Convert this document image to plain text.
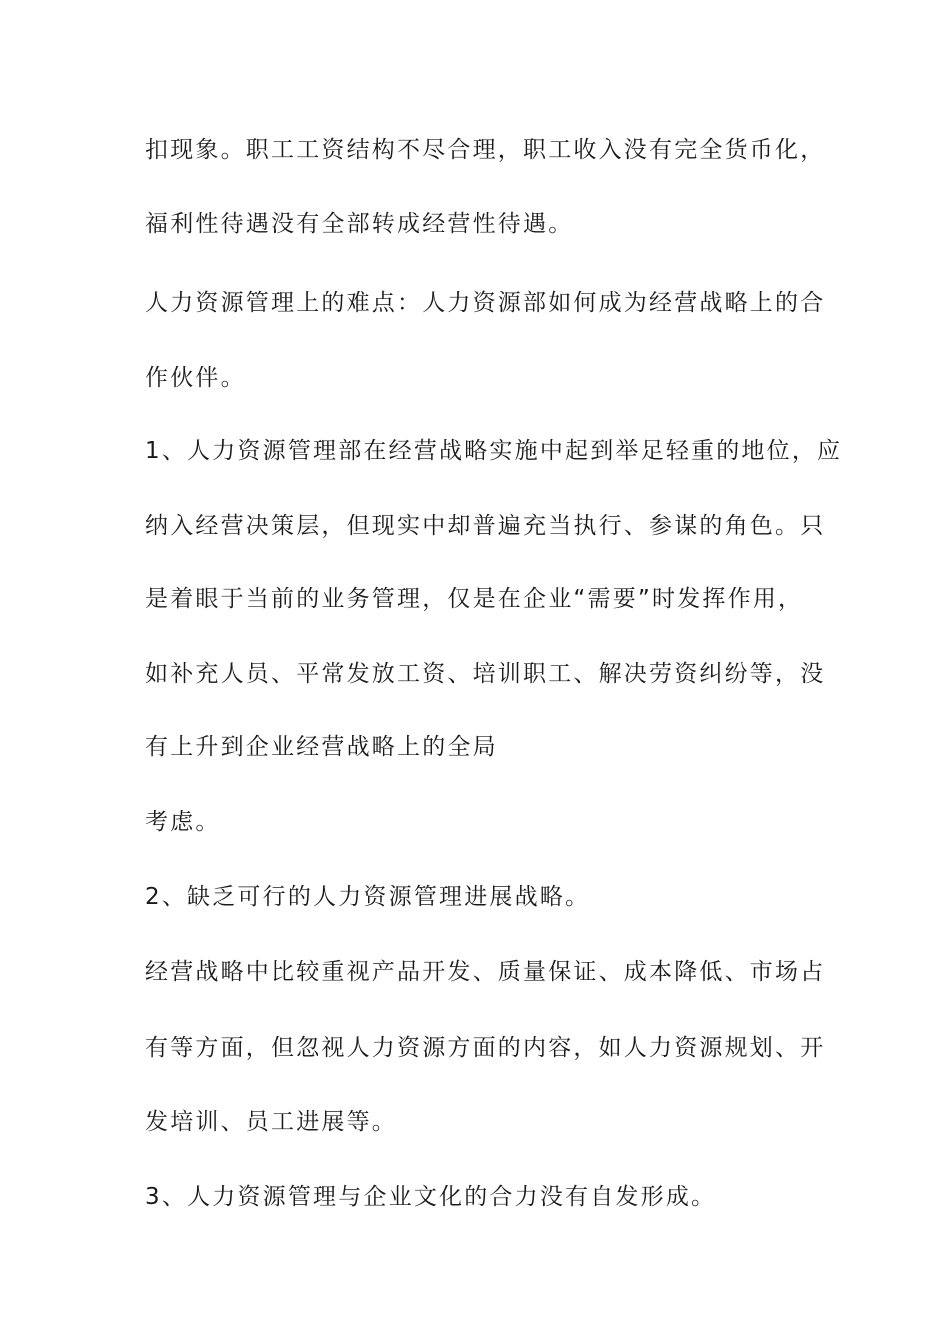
扣现象。职工工资结构不尽合理，职工收入没有完全货币化，
福利性待遇没有全部转成经营性待遇。
人力资源管理上的难点：人力资源部如何成为经营战略上的合
作伙伴。
1、人力资源管理部在经营战略实施中起到举足轻重的地位，应
纳入经营决策层，但现实中却普遍充当执行、参谋的角色。只
是着眼于当前的业务管理，仅是在企业“需要”时发挥作用，
如补充人员、平常发放工资、培训职工、解决劳资纠纷等，没
有上升到企业经营战略上的全局
考虑。
2、缺乏可行的人力资源管理进展战略。
经营战略中比较重视产品开发、质量保证、成本降低、市场占
有等方面，但忽视人力资源方面的内容，如人力资源规划、开
发培训、员工进展等。
3、人力资源管理与企业文化的合力没有自发形成。
